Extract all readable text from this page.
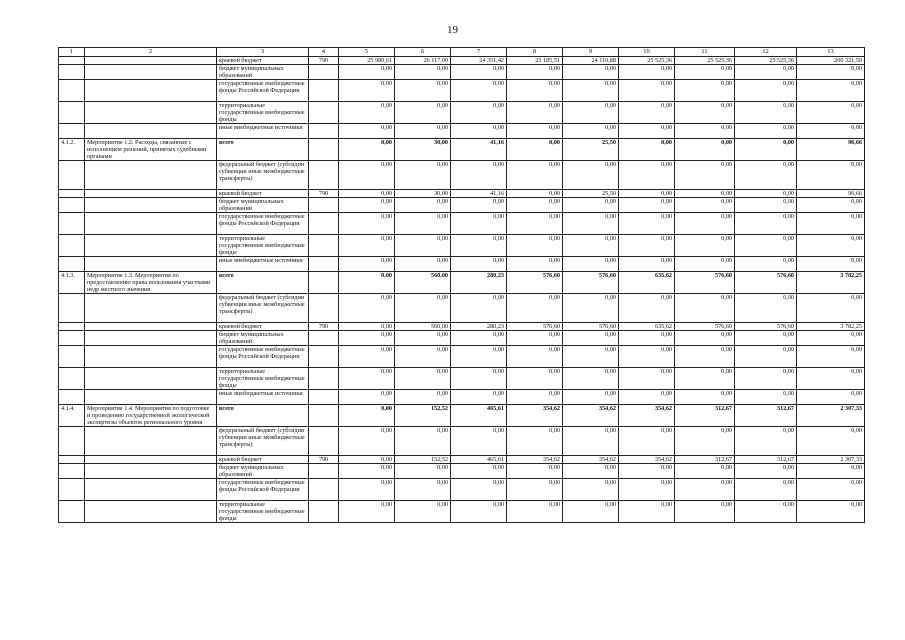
19
1	2	3	4	5	6	7	8	9	10	11	12	13
		краевой бюджет	790	25 980,61	26 117,00	24 351,42	23 185,51	24 110,88	25 525,36	25 525,36	25 525,36	200 321,50
		бюджет муниципальных образований		0,00	0,00	0,00	0,00	0,00	0,00	0,00	0,00	0,00
		государственные внебюджетные фонды Российской Федерации		0,00	0,00	0,00	0,00	0,00	0,00	0,00	0,00	0,00
		территориальные государственные внебюджетные фонды		0,00	0,00	0,00	0,00	0,00	0,00	0,00	0,00	0,00
		иные внебюджетные источники		0,00	0,00	0,00	0,00	0,00	0,00	0,00	0,00	0,00
4.1.2.	Мероприятие 1.2. Расходы, связанные с исполнением решений, принятых судебными органами	всего		0,00	30,00	41,16	0,00	25,50	0,00	0,00	0,00	96,66
		федеральный бюджет (субсидии субвенции иные межбюджетные трансферты)		0,00	0,00	0,00	0,00	0,00	0,00	0,00	0,00	0,00
		краевой бюджет	790	0,00	30,00	41,16	0,00	25,50	0,00	0,00	0,00	96,66
		бюджет муниципальных образований		0,00	0,00	0,00	0,00	0,00	0,00	0,00	0,00	0,00
		государственные внебюджетные фонды Российской Федерации		0,00	0,00	0,00	0,00	0,00	0,00	0,00	0,00	0,00
		территориальные государственные внебюджетные фонды		0,00	0,00	0,00	0,00	0,00	0,00	0,00	0,00	0,00
		иные внебюджетные источники		0,00	0,00	0,00	0,00	0,00	0,00	0,00	0,00	0,00
4.1.3.	Мероприятие 1.3. Мероприятия по предоставлению права пользования участками недр местного значения	всего		0,00	560,00	280,23	576,60	576,60	635,62	576,60	576,60	3 782,25
		федеральный бюджет (субсидии субвенции иные межбюджетные трансферты)		0,00	0,00	0,00	0,00	0,00	0,00	0,00	0,00	0,00
		краевой бюджет	790	0,00	560,00	280,23	576,60	576,60	635,62	576,60	576,60	3 782,25
		бюджет муниципальных образований		0,00	0,00	0,00	0,00	0,00	0,00	0,00	0,00	0,00
		государственные внебюджетные фонды Российской Федерации		0,00	0,00	0,00	0,00	0,00	0,00	0,00	0,00	0,00
		территориальные государственные внебюджетные фонды		0,00	0,00	0,00	0,00	0,00	0,00	0,00	0,00	0,00
		иные внебюджетные источники		0,00	0,00	0,00	0,00	0,00	0,00	0,00	0,00	0,00
4.1.4.	Мероприятие 1.4. Мероприятия по подготовке и проведению государственной экологической экспертизы объектов регионального уровня	всего		0,00	152,52	465,61	354,62	354,62	354,62	312,67	312,67	2 307,33
		федеральный бюджет (субсидии субвенции иные межбюджетные трансферты)		0,00	0,00	0,00	0,00	0,00	0,00	0,00	0,00	0,00
		краевой бюджет	790	0,00	152,52	465,61	354,62	354,62	354,62	312,67	312,67	2 307,33
		бюджет муниципальных образований		0,00	0,00	0,00	0,00	0,00	0,00	0,00	0,00	0,00
		государственные внебюджетные фонды Российской Федерации		0,00	0,00	0,00	0,00	0,00	0,00	0,00	0,00	0,00
		территориальные государственные внебюджетные фонды		0,00	0,00	0,00	0,00	0,00	0,00	0,00	0,00	0,00
